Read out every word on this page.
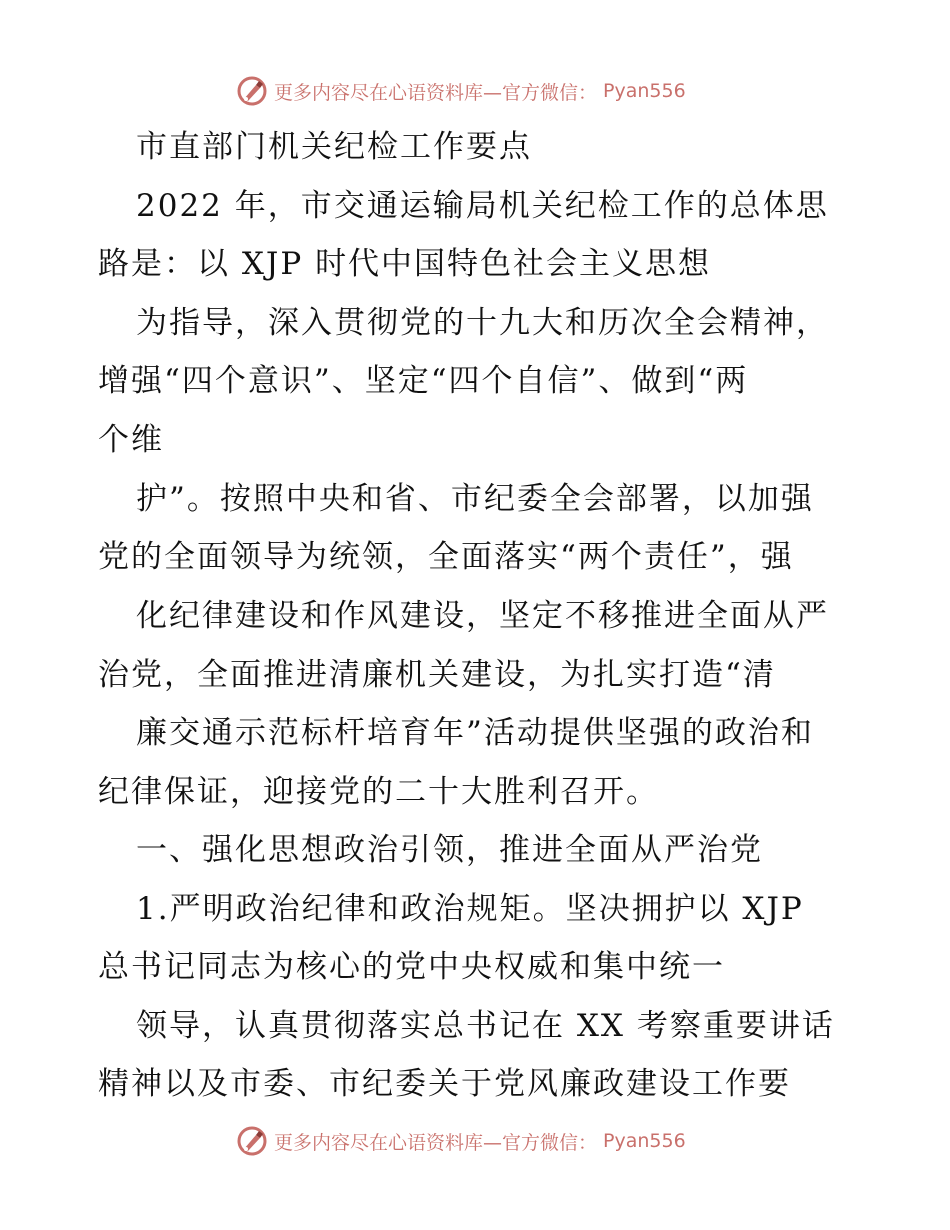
更多内容尽在心语资料库—官方微信： Pyan556
市直部门机关纪检工作要点
2022 年，市交通运输局机关纪检工作的总体思
路是：以 XJP 时代中国特色社会主义思想
为指导，深入贯彻党的十九大和历次全会精神，
增强“四个意识”、坚定“四个自信”、做到“两
个维
护”。按照中央和省、市纪委全会部署，以加强
党的全面领导为统领，全面落实“两个责任”，强
化纪律建设和作风建设，坚定不移推进全面从严
治党，全面推进清廉机关建设，为扎实打造“清
廉交通示范标杆培育年”活动提供坚强的政治和
纪律保证，迎接党的二十大胜利召开。
一、强化思想政治引领，推进全面从严治党
1.严明政治纪律和政治规矩。坚决拥护以 XJP
总书记同志为核心的党中央权威和集中统一
领导，认真贯彻落实总书记在 XX 考察重要讲话
精神以及市委、市纪委关于党风廉政建设工作要
更多内容尽在心语资料库—官方微信： Pyan556
